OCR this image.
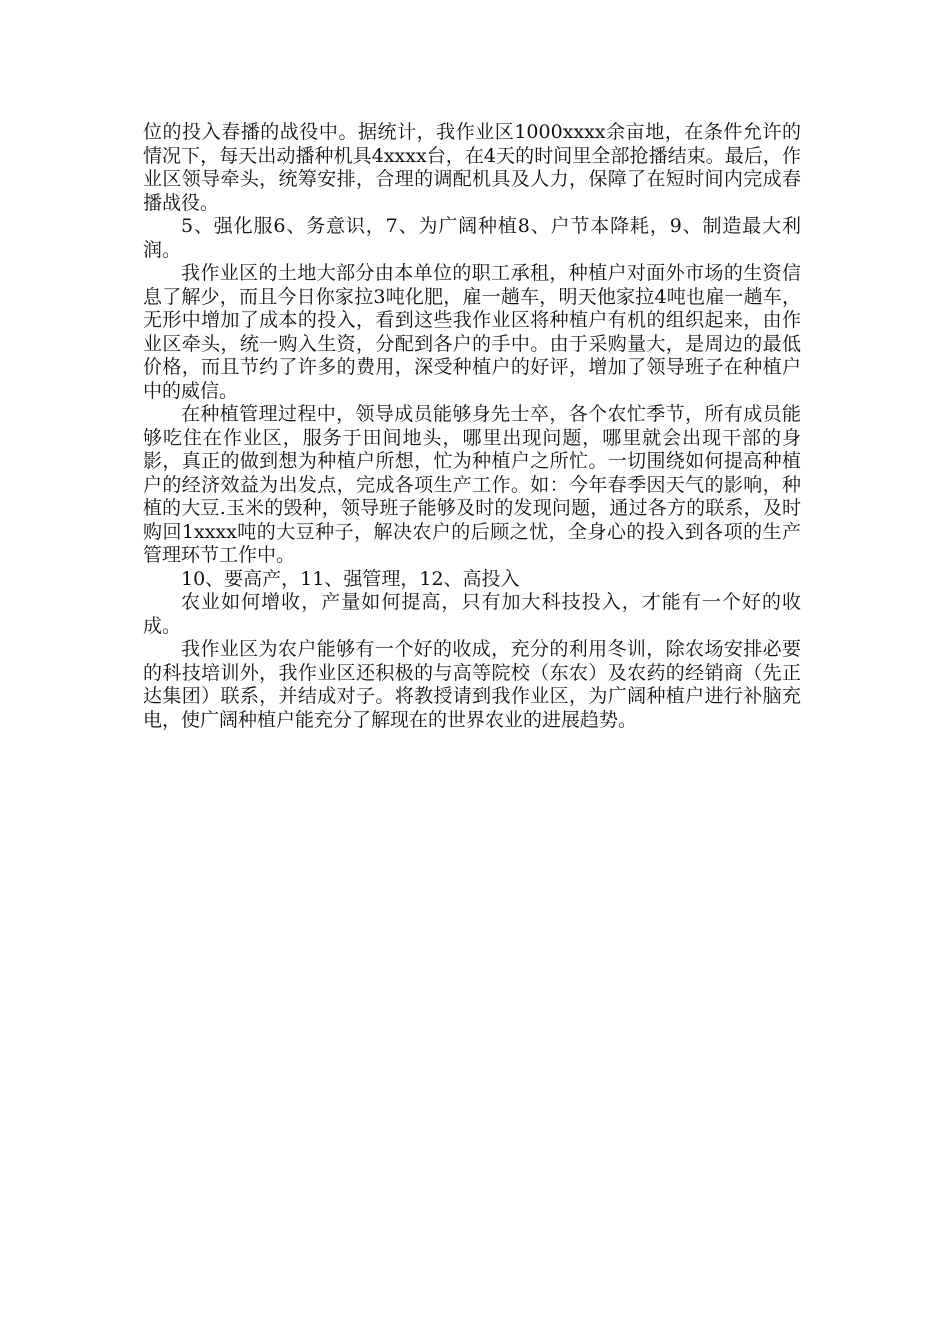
位的投入春播的战役中。据统计，我作业区1000xxxx余亩地，在条件允许的情况下，每天出动播种机具4xxxx台，在4天的时间里全部抢播结束。最后，作业区领导牵头，统筹安排，合理的调配机具及人力，保障了在短时间内完成春播战役。

5、强化服6、务意识，7、为广阔种植8、户节本降耗，9、制造最大利润。

我作业区的土地大部分由本单位的职工承租，种植户对面外市场的生资信息了解少，而且今日你家拉3吨化肥，雇一趟车，明天他家拉4吨也雇一趟车，无形中增加了成本的投入，看到这些我作业区将种植户有机的组织起来，由作业区牵头，统一购入生资，分配到各户的手中。由于采购量大，是周边的最低价格，而且节约了许多的费用，深受种植户的好评，增加了领导班子在种植户中的威信。

在种植管理过程中，领导成员能够身先士卒，各个农忙季节，所有成员能够吃住在作业区，服务于田间地头，哪里出现问题，哪里就会出现干部的身影，真正的做到想为种植户所想，忙为种植户之所忙。一切围绕如何提高种植户的经济效益为出发点，完成各项生产工作。如：今年春季因天气的影响，种植的大豆.玉米的毁种，领导班子能够及时的发现问题，通过各方的联系，及时购回1xxxx吨的大豆种子，解决农户的后顾之忧，全身心的投入到各项的生产管理环节工作中。

10、要高产，11、强管理，12、高投入

农业如何增收，产量如何提高，只有加大科技投入，才能有一个好的收成。

我作业区为农户能够有一个好的收成，充分的利用冬训，除农场安排必要的科技培训外，我作业区还积极的与高等院校（东农）及农药的经销商（先正达集团）联系，并结成对子。将教授请到我作业区，为广阔种植户进行补脑充电，使广阔种植户能充分了解现在的世界农业的进展趋势。
